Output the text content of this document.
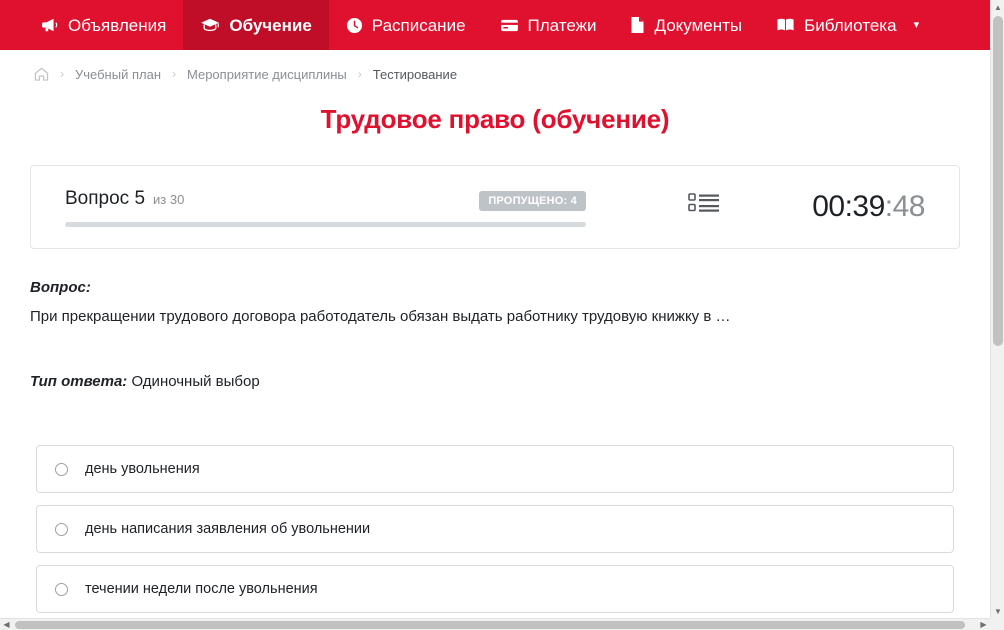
Объявления	Обучение	Расписание	Платежи	Документы	Библиотека ▾
› Учебный план › Мероприятие дисциплины › Тестирование
Трудовое право (обучение)
Вопрос 5 из 30	ПРОПУЩЕНО: 4	00:39 :48
Вопрос:
При прекращении трудового договора работодатель обязан выдать работнику трудовую книжку в …
Тип ответа: Одиночный выбор
день увольнения
день написания заявления об увольнении
течении недели после увольнения
▲
▼
◀	▶
